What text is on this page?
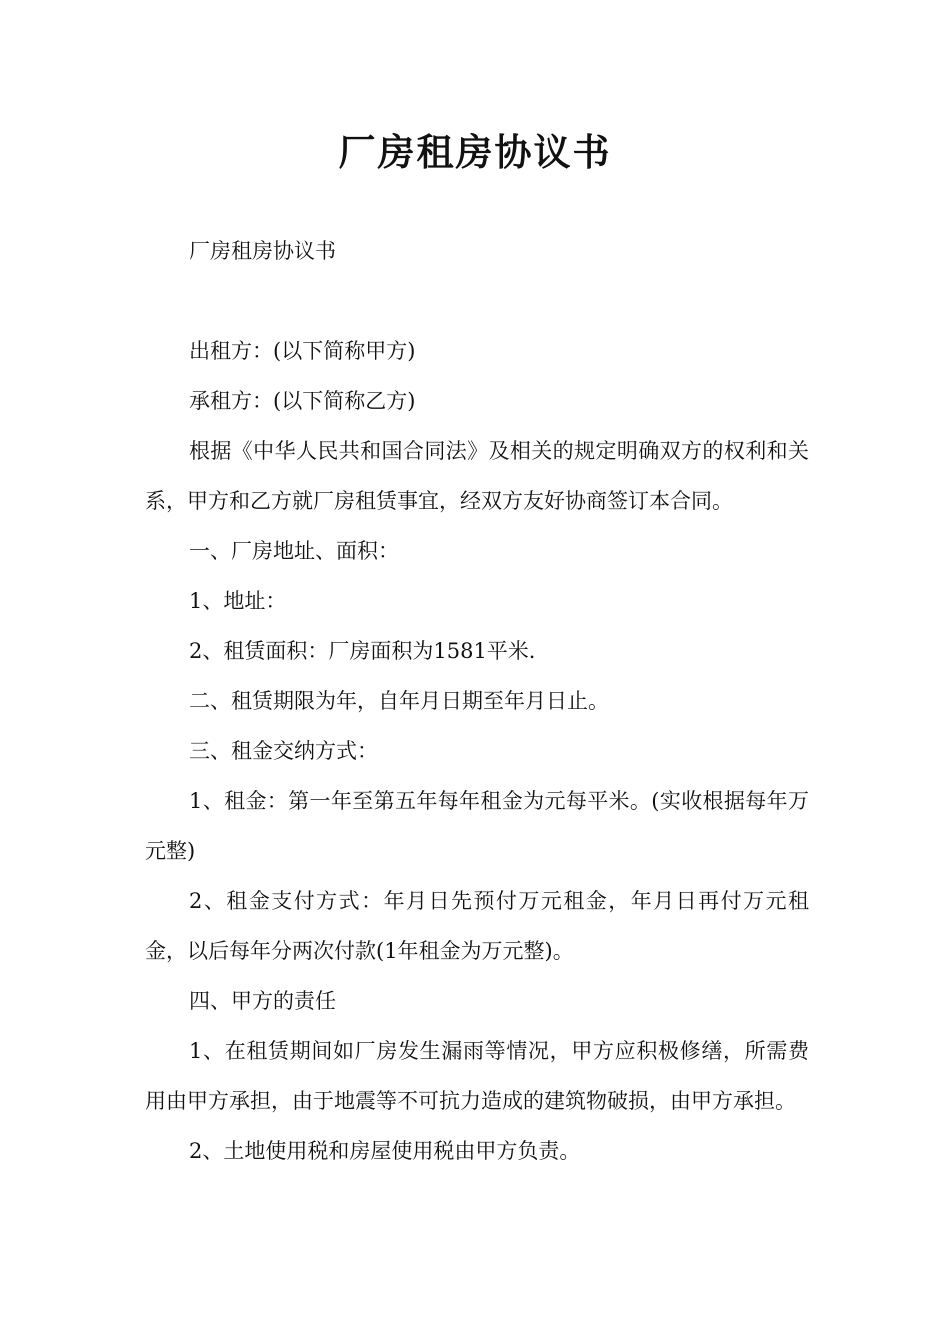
厂房租房协议书

厂房租房协议书

出租方：(以下简称甲方)

承租方：(以下简称乙方)

根据《中华人民共和国合同法》及相关的规定明确双方的权利和关系，甲方和乙方就厂房租赁事宜，经双方友好协商签订本合同。

一、厂房地址、面积：

1、地址：

2、租赁面积：厂房面积为1581平米.

二、租赁期限为年，自年月日期至年月日止。

三、租金交纳方式：

1、租金：第一年至第五年每年租金为元每平米。(实收根据每年万元整)

2、租金支付方式：年月日先预付万元租金，年月日再付万元租金，以后每年分两次付款(1年租金为万元整)。

四、甲方的责任

1、在租赁期间如厂房发生漏雨等情况，甲方应积极修缮，所需费用由甲方承担，由于地震等不可抗力造成的建筑物破损，由甲方承担。

2、土地使用税和房屋使用税由甲方负责。
